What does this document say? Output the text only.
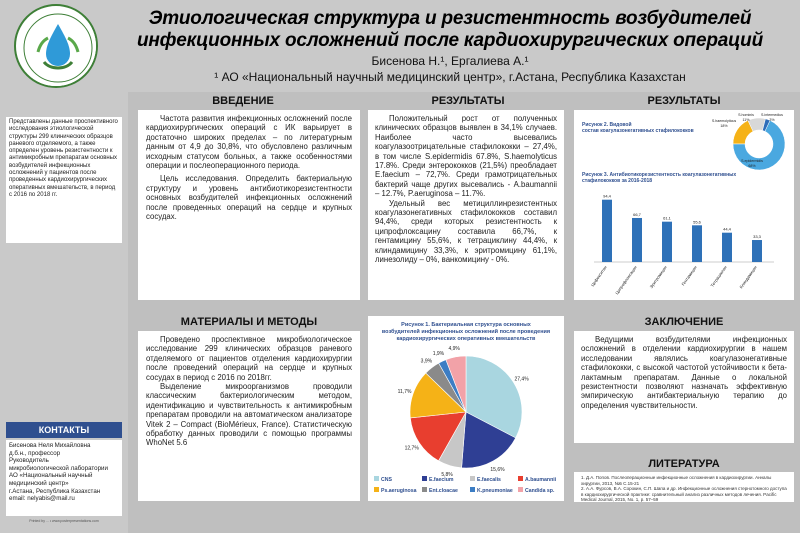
Этиологическая структура и резистентность возбудителей
инфекционных осложнений после кардиохирургических операций
Бисенова Н.¹, Ергалиева А.¹
¹ АО «Национальный научный медицинский центр», г.Астана, Республика Казахстан
Представлены данные проспективного исследования этиологической структуры 299 клинических образцов раневого отделяемого, а также определен уровень резистентности к антимикробным препаратам основных возбудителей инфекционных осложнений у пациентов после проведенных кардиохирургических оперативных вмешательств, в период с 2016 по 2018 гг.
КОНТАКТЫ
Бисенова Неля Михайловна
д.б.н., профессор
Руководитель
микробиологической лаборатории
АО «Национальный научный
медицинский центр»
г.Астана, Республика Казахстан
email: nelyabis@mail.ru
Printed by ... • www.posterpresentations.com
ВВЕДЕНИЕ

Частота развития инфекционных осложнений после кардиохирургических операций с ИК варьирует в достаточно широких пределах – по литературным данным от 4,9 до 30,8%, что обусловлено различным исходным статусом больных, а также особенностями операции и послеоперационного периода.

Цель исследования. Определить бактериальную структуру и уровень антибиотикорезистентности основных возбудителей инфекционных осложнений после проведенных операций на сердце и крупных сосудах.

МАТЕРИАЛЫ И МЕТОДЫ

Проведено проспективное микробиологическое исследование 299 клинических образцов раневого отделяемого от пациентов отделения кардиохирургии после проведений операций на сердце и крупных сосудах в период с 2016 по 2018гг.

Выделение микроорганизмов проводили классическим бактериологическим методом, идентификацию и чувствительность к антимикробным препаратам проводили на автоматическом анализаторе Vitek 2 – Compact (BioMérieux, France). Статистическую обработку данных проводили с помощью программы WhoNet 5.6

РЕЗУЛЬТАТЫ

Положительный рост от полученных клинических образцов выявлен в 34,1% случаев. Наиболее часто высевались коагулазоотрицательные стафилококки – 27,4%, в том числе S.epidermidis 67.8%, S.haemolyticus 17.8%. Среди энтерококков (21,5%) преобладает E.faecium – 72,7%. Среди грамотрицательных бактерий чаще других высевались - A.baumannii – 12.7%, P.aeruginosa – 11.7%.

Удельный вес метициллинрезистентных коагулазонегативных стафилококков составил 94,4%, среди которых резистентность к ципрофлоксацину составила 66,7%, к гентамицину 55,6%, к тетрациклину 44,4%, к клиндамицину 33,3%, к эритромицину 61,1%, линезолиду – 0%, ванкомицину - 0%.

РЕЗУЛЬТАТЫ
Рисунок 2. Видовой
состав коагулазонегативных стафилококков
S.haemolyticus
18%
S.hominis
11%
S.intermedius
3%
S.epidermidis
68%
Рисунок 3. Антибиотикорезистентность коагулазонегативных
стафилококков за 2016-2018
94,4
Цефокситин
66,7
Ципрофлоксацин
61,1
Эритромицин
55,6
Гентамицин
44,4
Тетрациклин
33,3
Клиндамицин
Рисунок 1. Бактериальная структура основных
возбудителей инфекционных осложнений после проведения
кардиохирургических оперативных вмешательств
27,4%
15,6%
5,8%
12,7%
11,7%
3,9%
1,9%
4,9%
CNS	E.faecium	E.faecalis	A.baumannii
Ps.aeruginosa Ent.cloacae	K.pneumoniae Candida sp.
ЗАКЛЮЧЕНИЕ

Ведущими возбудителями инфекционных осложнений в отделении кардиохирургии в нашем исследовании являлись коагулазонегативные стафилококки, с высокой частотой устойчивости к бета-лактамным препаратам. Данные о локальной резистентности позволяют назначать эффективную эмпирическую антибактериальную терапию до определения чувствительности.

ЛИТЕРАТУРА
1. Д.А. Попов. Послеоперационные инфекционные осложнения в кардиохирургии. Анналы хирургии, 2013, №5 С.15-21
2. А.А. Фурсов, В.А. Сорокин, С.П. Шапа и др. Инфекционные осложнения стернотомного доступа в кардиохирургической практике: сравнительный анализ различных методов лечения. Pacific Medical Journal, 2015, No. 1, p. 57–59
